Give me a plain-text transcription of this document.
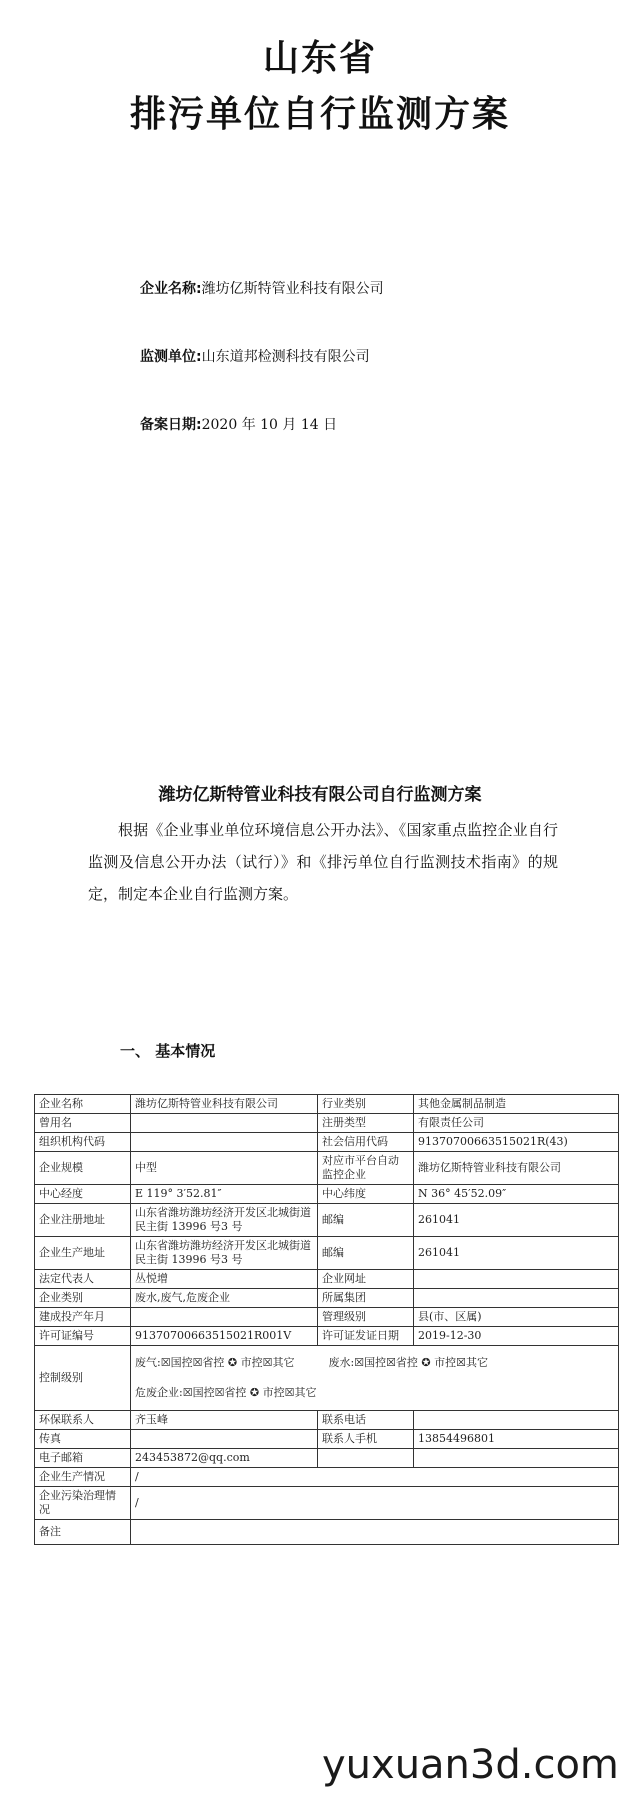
山东省
排污单位自行监测方案
企业名称:潍坊亿斯特管业科技有限公司
监测单位:山东道邦检测科技有限公司
备案日期:2020 年 10 月 14 日
潍坊亿斯特管业科技有限公司自行监测方案
根据《企业事业单位环境信息公开办法》、《国家重点监控企业自行监测及信息公开办法（试行）》和《排污单位自行监测技术指南》的规定，制定本企业自行监测方案。
一、 基本情况
企业名称	潍坊亿斯特管业科技有限公司	行业类别	其他金属制品制造
曾用名		注册类型	有限责任公司
组织机构代码		社会信用代码	91370700663515021R(43)
企业规模	中型	对应市平台自动监控企业	潍坊亿斯特管业科技有限公司
中心经度	E 119° 3′52.81″	中心纬度	N 36° 45′52.09″
企业注册地址	山东省潍坊潍坊经济开发区北城街道民主街 13996 号3 号	邮编	261041
企业生产地址	山东省潍坊潍坊经济开发区北城街道民主街 13996 号3 号	邮编	261041
法定代表人	丛悦增	企业网址	
企业类别	废水,废气,危废企业	所属集团	
建成投产年月		管理级别	县(市、区属)
许可证编号	91370700663515021R001V	许可证发证日期	2019-12-30
控制级别	废气:☒国控☒省控 ✪ 市控☒其它 废水:☒国控☒省控 ✪ 市控☒其它
危废企业:☒国控☒省控 ✪ 市控☒其它		

环保联系人	齐玉峰	联系电话	
传真		联系人手机	13854496801
电子邮箱	243453872@qq.com		
企业生产情况	/		
企业污染治理情况	/		
备注			
yuxuan3d.com
